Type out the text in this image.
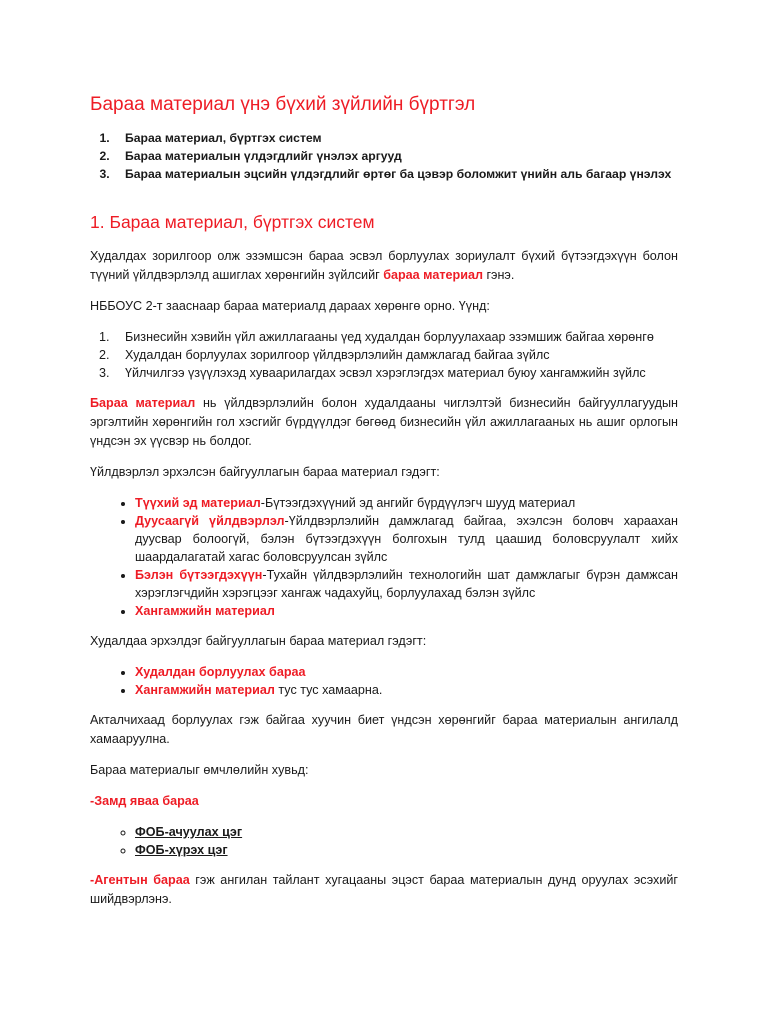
Бараа материал үнэ бүхий зүйлийн бүртгэл
1. Бараа материал, бүртгэх систем
2. Бараа материалын үлдэгдлийг үнэлэх аргууд
3. Бараа материалын эцсийн үлдэгдлийг өртөг ба цэвэр боломжит үнийн аль багаар үнэлэх
1. Бараа материал, бүртгэх систем

Худалдах зорилгоор олж эзэмшсэн бараа эсвэл борлуулах зориулалт бүхий бүтээгдэхүүн болон түүний үйлдвэрлэлд ашиглах хөрөнгийн зүйлсийг бараа материал гэнэ.

НББОУС 2-т зааснаар бараа материалд дараах хөрөнгө орно. Үүнд:

1. Бизнесийн хэвийн үйл ажиллагааны үед худалдан борлуулахаар эзэмшиж байгаа хөрөнгө
2. Худалдан борлуулах зорилгоор үйлдвэрлэлийн дамжлагад байгаа зүйлс
3. Үйлчилгээ үзүүлэхэд хуваарилагдах эсвэл хэрэглэгдэх материал буюу хангамжийн зүйлс

Бараа материал нь үйлдвэрлэлийн болон худалдааны чиглэлтэй бизнесийн байгууллагуудын эргэлтийн хөрөнгийн гол хэсгийг бүрдүүлдэг бөгөөд бизнесийн үйл ажиллагааных нь ашиг орлогын үндсэн эх үүсвэр нь болдог.

Үйлдвэрлэл эрхэлсэн байгууллагын бараа материал гэдэгт:

• Түүхий эд материал-Бүтээгдэхүүний эд ангийг бүрдүүлэгч шууд материал
• Дуусаагүй үйлдвэрлэл-Үйлдвэрлэлийн дамжлагад байгаа, эхэлсэн боловч хараахан дуусвар болоогүй, бэлэн бүтээгдэхүүн болгохын тулд цаашид боловсруулалт хийх шаардалагатай хагас боловсруулсан зүйлс
• Бэлэн бүтээгдэхүүн-Тухайн үйлдвэрлэлийн технологийн шат дамжлагыг бүрэн дамжсан хэрэглэгчдийн хэрэгцээг хангаж чадахуйц, борлуулахад бэлэн зүйлс
• Хангамжийн материал

Худалдаа эрхэлдэг байгууллагын бараа материал гэдэгт:

• Худалдан борлуулах бараа
• Хангамжийн материал тус тус хамаарна.

Акталчихаад борлуулах гэж байгаа хуучин биет үндсэн хөрөнгийг бараа материалын ангилалд хамааруулна.

Бараа материалыг өмчлөлийн хувьд:

-Замд яваа бараа
◦ ФОБ-ачуулах цэг
◦ ФОБ-хүрэх цэг

-Агентын бараа гэж ангилан тайлант хугацааны эцэст бараа материалын дунд оруулах эсэхийг шийдвэрлэнэ.
